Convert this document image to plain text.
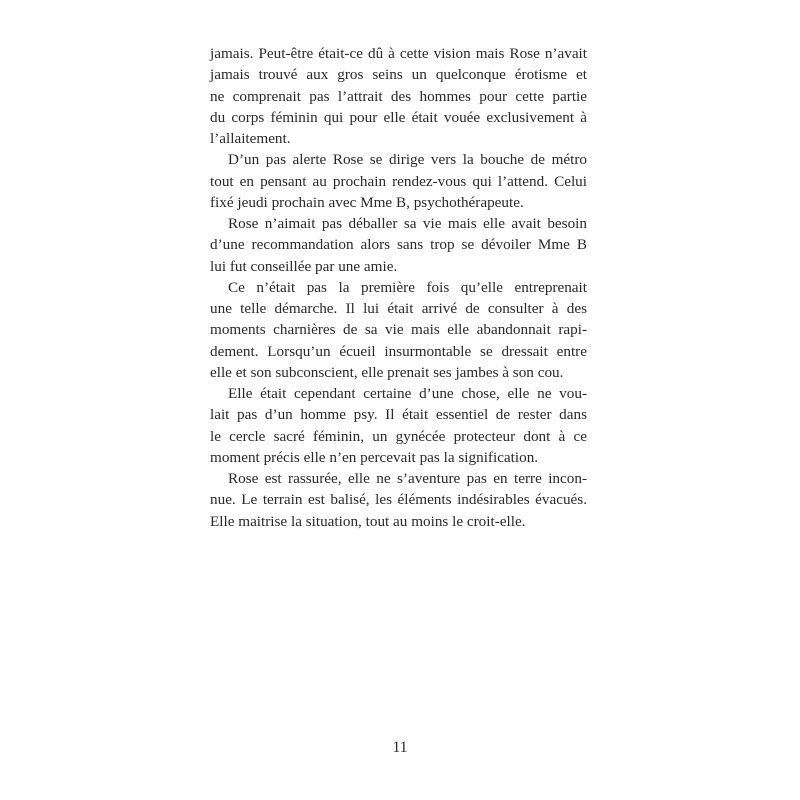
jamais. Peut-être était-ce dû à cette vision mais Rose n’avait
jamais trouvé aux gros seins un quelconque érotisme et
ne comprenait pas l’attrait des hommes pour cette partie
du corps féminin qui pour elle était vouée exclusivement à
l’allaitement.
D’un pas alerte Rose se dirige vers la bouche de métro
tout en pensant au prochain rendez-vous qui l’attend. Celui
fixé jeudi prochain avec Mme B, psychothérapeute.
Rose n’aimait pas déballer sa vie mais elle avait besoin
d’une recommandation alors sans trop se dévoiler Mme B
lui fut conseillée par une amie.
Ce n’était pas la première fois qu’elle entreprenait
une telle démarche. Il lui était arrivé de consulter à des
moments charnières de sa vie mais elle abandonnait rapi-
dement. Lorsqu’un écueil insurmontable se dressait entre
elle et son subconscient, elle prenait ses jambes à son cou.
Elle était cependant certaine d’une chose, elle ne vou-
lait pas d’un homme psy. Il était essentiel de rester dans
le cercle sacré féminin, un gynécée protecteur dont à ce
moment précis elle n’en percevait pas la signification.
Rose est rassurée, elle ne s’aventure pas en terre incon-
nue. Le terrain est balisé, les éléments indésirables évacués.
Elle maitrise la situation, tout au moins le croit-elle.
11
